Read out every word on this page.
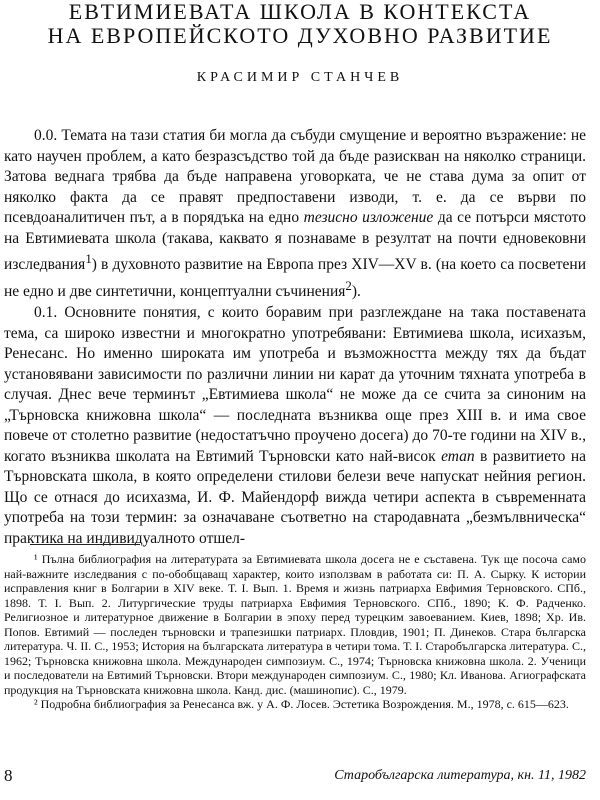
ЕВТИМИЕВАТА ШКОЛА В КОНТЕКСТА
НА ЕВРОПЕЙСКОТО ДУХОВНО РАЗВИТИЕ

КРАСИМИР СТАНЧЕВ

0.0. Темата на тази статия би могла да събуди смущение и вероятно възражение: не като научен проблем, а като безразсъдство той да бъде разискван на няколко страници. Затова веднага трябва да бъде направена уговорката, че не става дума за опит от няколко факта да се правят предпоставени изводи, т. е. да се върви по псевдоаналитичен път, а в порядъка на едно тезисно изложение да се потърси мястото на Евтимиевата школа (такава, каквато я познаваме в резултат на почти едновековни изследвания$^1$) в духовното развитие на Европа през XIV—XV в. (на което са посветени не едно и две синтетични, концептуални съчинения$^2$).

0.1. Основните понятия, с които боравим при разглеждане на така поставената тема, са широко известни и многократно употребявани: Евтимиева школа, исихазъм, Ренесанс. Но именно широката им употреба и възможността между тях да бъдат установявани зависимости по различни линии ни карат да уточним тяхната употреба в случая. Днес вече терминът „Евтимиева школа“ не може да се счита за синоним на „Търновска книжовна школа“ — последната възниква още през XIII в. и има свое повече от столетно развитие (недостатъчно проучено досега) до 70-те години на XIV в., когато възниква школата на Евтимий Търновски като най-висок етап в развитието на Търновската школа, в която определени стилови белези вече напускат нейния регион. Що се отнася до исихазма, И. Ф. Майендорф вижда четири аспекта в съвременната употреба на този термин: за означаване съответно на стародавната „безмълвническа“ практика на индивидуалното отшел-

¹ Пълна библиография на литературата за Евтимиевата школа досега не е съставена. Тук ще посоча само най-важните изследвания с по-обобщаващ характер, които използвам в работата си: П. А. Сырку. К истории исправления книг в Болгарии в XIV веке. Т. I. Вып. 1. Время и жизнь патриарха Евфимия Терновского. СПб., 1898. Т. I. Вып. 2. Литургические труды патриарха Евфимия Терновского. СПб., 1890; К. Ф. Радченко. Религиозное и литературное движение в Болгарии в эпоху перед турецким завоеванием. Киев, 1898; Хр. Ив. Попов. Евтимий — последен търновски и трапезишки патриарх. Пловдив, 1901; П. Динеков. Стара българска литература. Ч. II. С., 1953; История на българската литература в четири тома. Т. I. Старобългарска литература. С., 1962; Търновска книжовна школа. Международен симпозиум. С., 1974; Търновска книжовна школа. 2. Ученици и последователи на Евтимий Търновски. Втори международен симпозиум. С., 1980; Кл. Иванова. Агиографската продукция на Търновската книжовна школа. Канд. дис. (машинопис). С., 1979.

² Подробна библиография за Ренесанса вж. у А. Ф. Лосев. Эстетика Возрождения. М., 1978, с. 615—623.

8	Старобългарска литература, кн. 11, 1982
